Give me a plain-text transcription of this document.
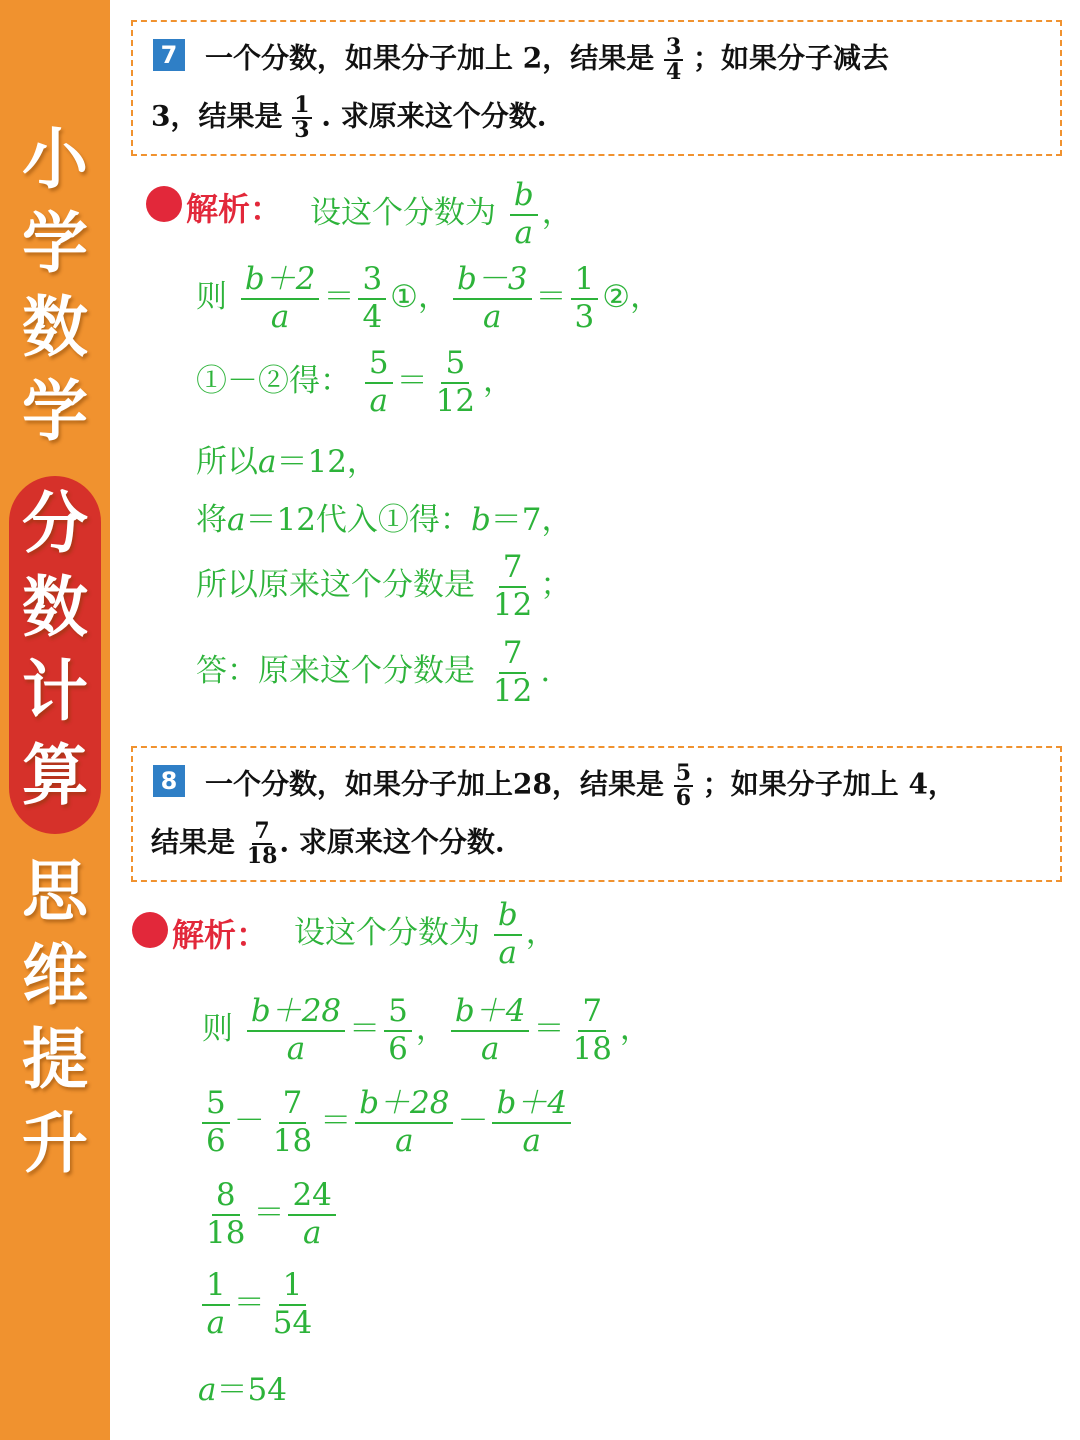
小
学
数
学
分
数
计
算
思
维
提
升
7 一个分数，如果分子加上 2，结果是 $\frac{3}{4}$ ；如果分子减去
3，结果是 $\frac{1}{3}$ . 求原来这个分数.
解析： 设这个分数为 $\frac{b}{a}$ ，
则 $\frac{b+2}{a} = \frac{3}{4}$ ①， $\frac{b-3}{a} = \frac{1}{3}$ ②，
①－②得： $\frac{5}{a} = \frac{5}{12}$ ，
所以a＝12，
将a＝12代入①得：b＝7，
所以原来这个分数是 $\frac{7}{12}$ ；
答：原来这个分数是 $\frac{7}{12}$ .
8 一个分数，如果分子加上28，结果是 $\frac{5}{6}$ ；如果分子加上 4，
结果是 $\frac{7}{18}$ . 求原来这个分数.
解析： 设这个分数为 $\frac{b}{a}$ ，
则 $\frac{b+28}{a} = \frac{5}{6}$ ， $\frac{b+4}{a} = \frac{7}{18}$ ，
$\frac{5}{6} - \frac{7}{18} = \frac{b+28}{a} - \frac{b+4}{a}$
$\frac{8}{18} = \frac{24}{a}$
$\frac{1}{a} = \frac{1}{54}$
a＝54
